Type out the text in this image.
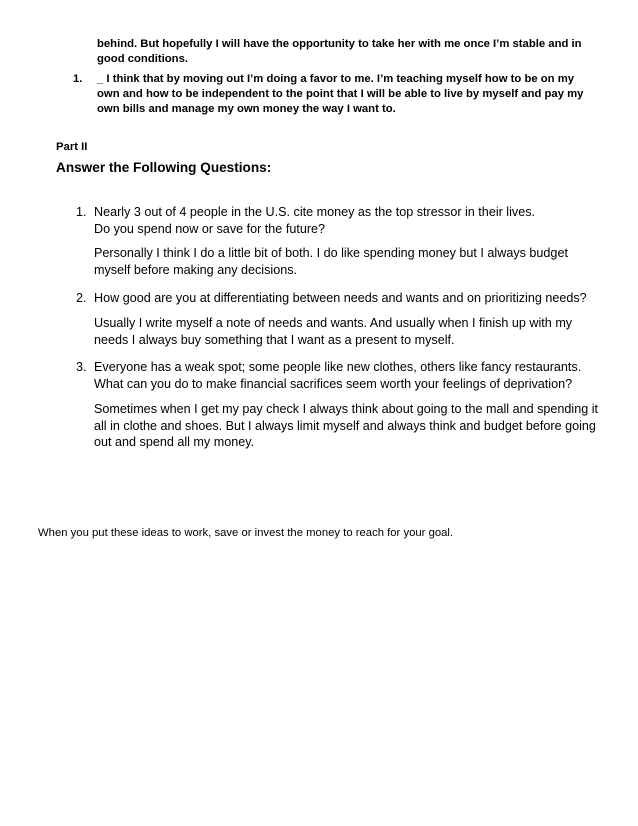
behind. But hopefully I will have the opportunity to take her with me once I’m stable and in
good conditions.
1. _ I think that by moving out I’m doing a favor to me. I’m teaching myself how to be on my
own and how to be independent to the point that I will be able to live by myself and pay my
own bills and manage my own money the way I want to.
Part II
Answer the Following Questions:
1. Nearly 3 out of 4 people in the U.S. cite money as the top stressor in their lives.
Do you spend now or save for the future?
Personally I think I do a little bit of both. I do like spending money but I always budget
myself before making any decisions.
2. How good are you at differentiating between needs and wants and on prioritizing needs?
Usually I write myself a note of needs and wants. And usually when I finish up with my
needs I always buy something that I want as a present to myself.
3. Everyone has a weak spot; some people like new clothes, others like fancy restaurants.
What can you do to make financial sacrifices seem worth your feelings of deprivation?
Sometimes when I get my pay check I always think about going to the mall and spending it
all in clothe and shoes. But I always limit myself and always think and budget before going
out and spend all my money.
When you put these ideas to work, save or invest the money to reach for your goal.
